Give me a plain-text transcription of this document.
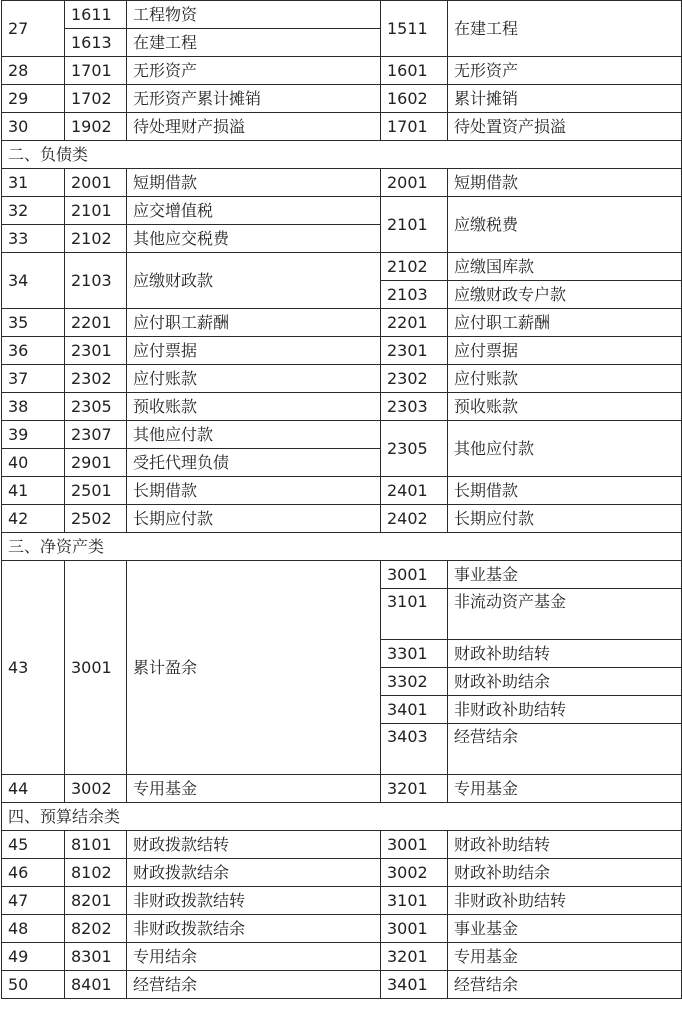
27	1611	工程物资	1511	在建工程
	1613	在建工程		
28	1701	无形资产	1601	无形资产
29	1702	无形资产累计摊销	1602	累计摊销
30	1902	待处理财产损溢	1701	待处置资产损溢
二、负债类				
31	2001	短期借款	2001	短期借款
32	2101	应交增值税	2101	应缴税费
33	2102	其他应交税费		
34	2103	应缴财政款	2102	应缴国库款
			2103	应缴财政专户款
35	2201	应付职工薪酬	2201	应付职工薪酬
36	2301	应付票据	2301	应付票据
37	2302	应付账款	2302	应付账款
38	2305	预收账款	2303	预收账款
39	2307	其他应付款	2305	其他应付款
40	2901	受托代理负债		
41	2501	长期借款	2401	长期借款
42	2502	长期应付款	2402	长期应付款
三、净资产类				
43	3001	累计盈余	3001	事业基金
			3101	非流动资产基金
			3301	财政补助结转
			3302	财政补助结余
			3401	非财政补助结转
			3403	经营结余
44	3002	专用基金	3201	专用基金
四、预算结余类				
45	8101	财政拨款结转	3001	财政补助结转
46	8102	财政拨款结余	3002	财政补助结余
47	8201	非财政拨款结转	3101	非财政补助结转
48	8202	非财政拨款结余	3001	事业基金
49	8301	专用结余	3201	专用基金
50	8401	经营结余	3401	经营结余
